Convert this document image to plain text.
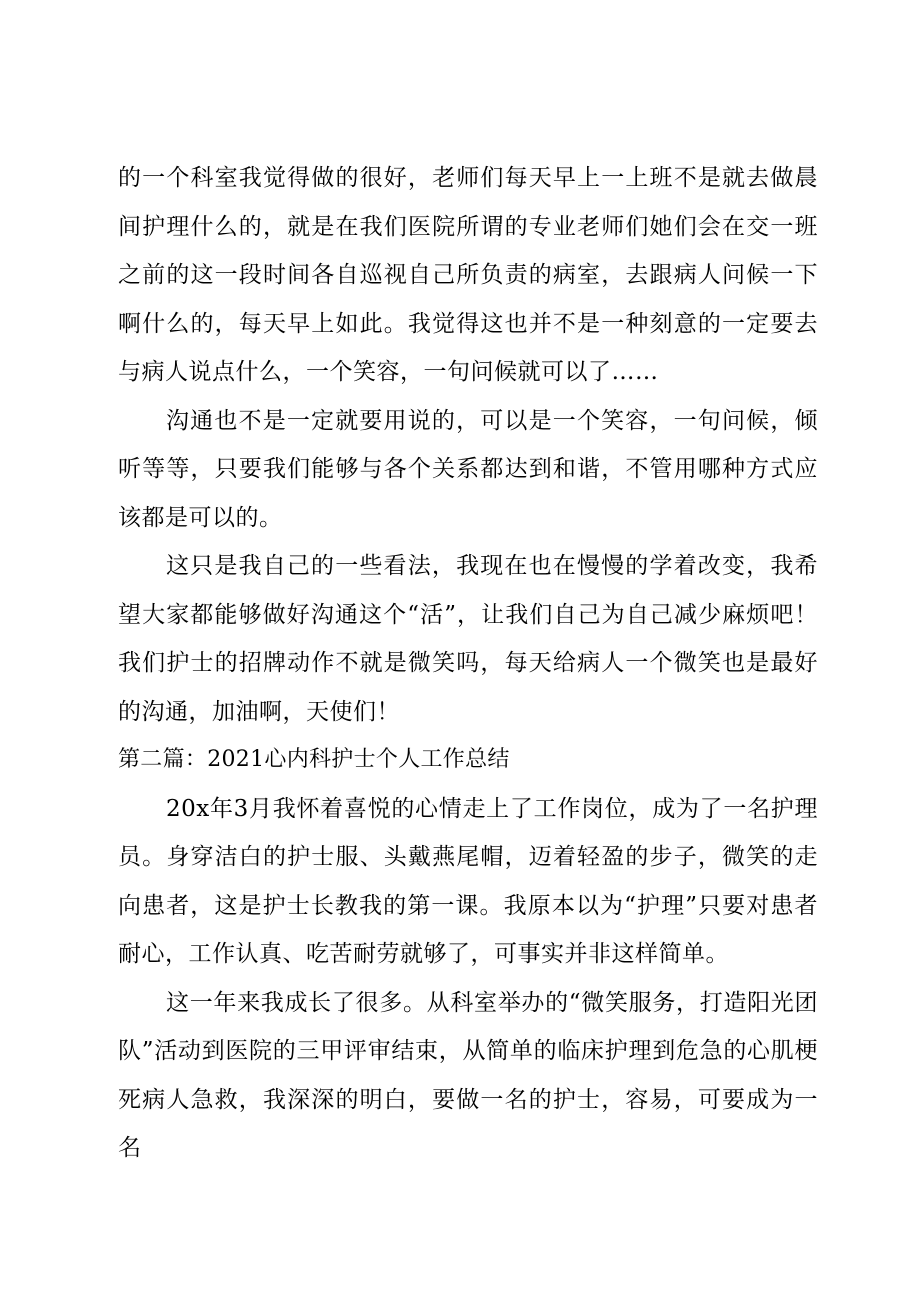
的一个科室我觉得做的很好，老师们每天早上一上班不是就去做晨间护理什么的，就是在我们医院所谓的专业老师们她们会在交一班之前的这一段时间各自巡视自己所负责的病室，去跟病人问候一下啊什么的，每天早上如此。我觉得这也并不是一种刻意的一定要去与病人说点什么，一个笑容，一句问候就可以了……

沟通也不是一定就要用说的，可以是一个笑容，一句问候，倾听等等，只要我们能够与各个关系都达到和谐，不管用哪种方式应该都是可以的。

这只是我自己的一些看法，我现在也在慢慢的学着改变，我希望大家都能够做好沟通这个“活”，让我们自己为自己减少麻烦吧！我们护士的招牌动作不就是微笑吗，每天给病人一个微笑也是最好的沟通，加油啊，天使们！

第二篇：2021心内科护士个人工作总结

20x年3月我怀着喜悦的心情走上了工作岗位，成为了一名护理员。身穿洁白的护士服、头戴燕尾帽，迈着轻盈的步子，微笑的走向患者，这是护士长教我的第一课。我原本以为“护理”只要对患者耐心，工作认真、吃苦耐劳就够了，可事实并非这样简单。

这一年来我成长了很多。从科室举办的“微笑服务，打造阳光团队”活动到医院的三甲评审结束，从简单的临床护理到危急的心肌梗死病人急救，我深深的明白，要做一名的护士，容易，可要成为一名
